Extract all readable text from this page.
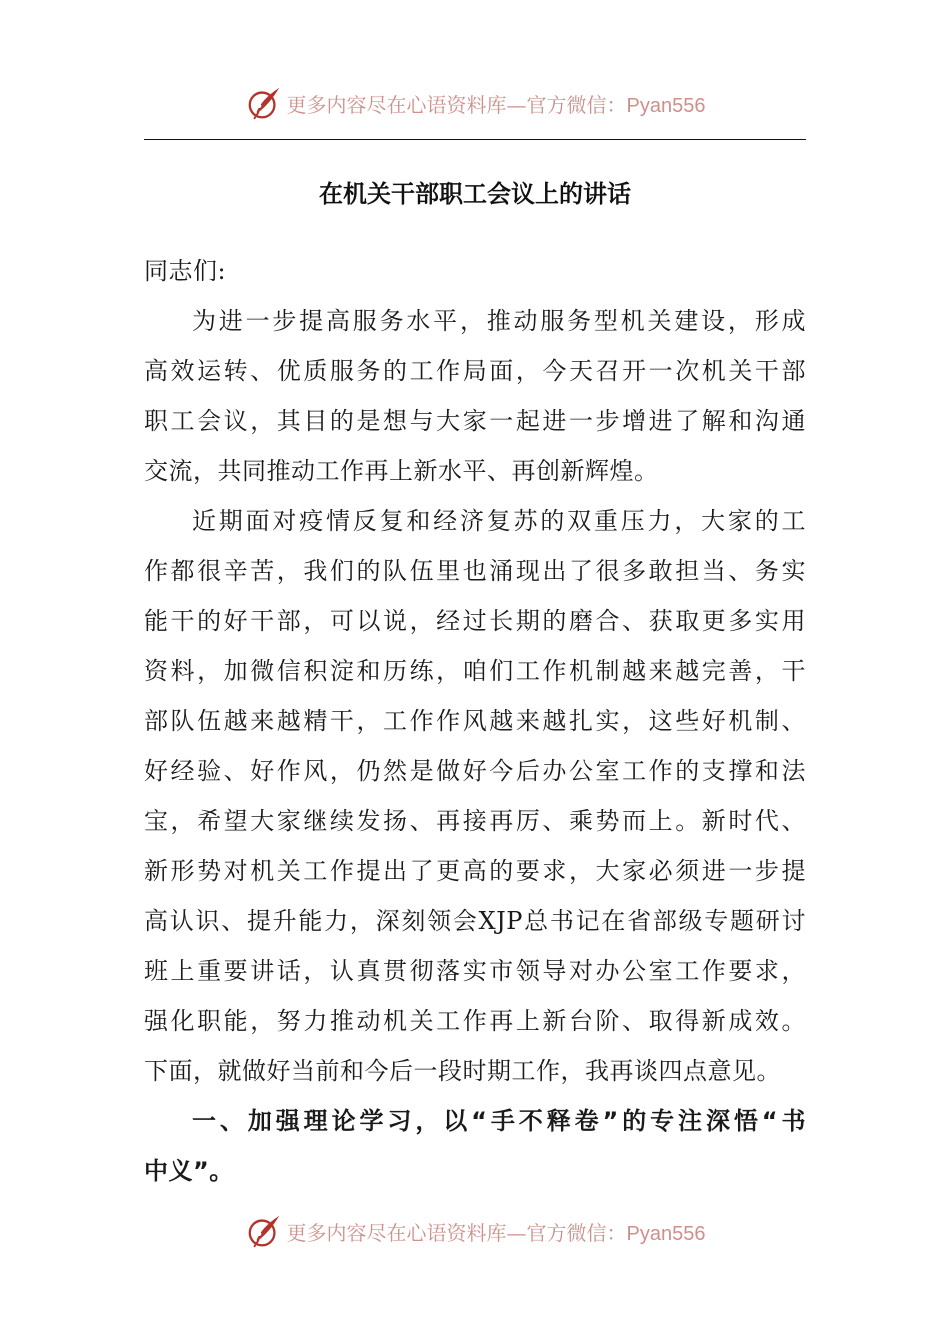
更多内容尽在心语资料库—官方微信：Pyan556
在机关干部职工会议上的讲话
同志们:
为进一步提高服务水平，推动服务型机关建设，形成
高效运转、优质服务的工作局面，今天召开一次机关干部
职工会议，其目的是想与大家一起进一步增进了解和沟通
交流，共同推动工作再上新水平、再创新辉煌。
近期面对疫情反复和经济复苏的双重压力，大家的工
作都很辛苦，我们的队伍里也涌现出了很多敢担当、务实
能干的好干部，可以说，经过长期的磨合、获取更多实用
资料，加微信积淀和历练，咱们工作机制越来越完善，干
部队伍越来越精干，工作作风越来越扎实，这些好机制、
好经验、好作风，仍然是做好今后办公室工作的支撑和法
宝，希望大家继续发扬、再接再厉、乘势而上。新时代、
新形势对机关工作提出了更高的要求，大家必须进一步提
高认识、提升能力，深刻领会XJP总书记在省部级专题研讨
班上重要讲话，认真贯彻落实市领导对办公室工作要求，
强化职能，努力推动机关工作再上新台阶、取得新成效。
下面，就做好当前和今后一段时期工作，我再谈四点意见。
一、加强理论学习，以“手不释卷”的专注深悟“书
中义”。
更多内容尽在心语资料库—官方微信：Pyan556
